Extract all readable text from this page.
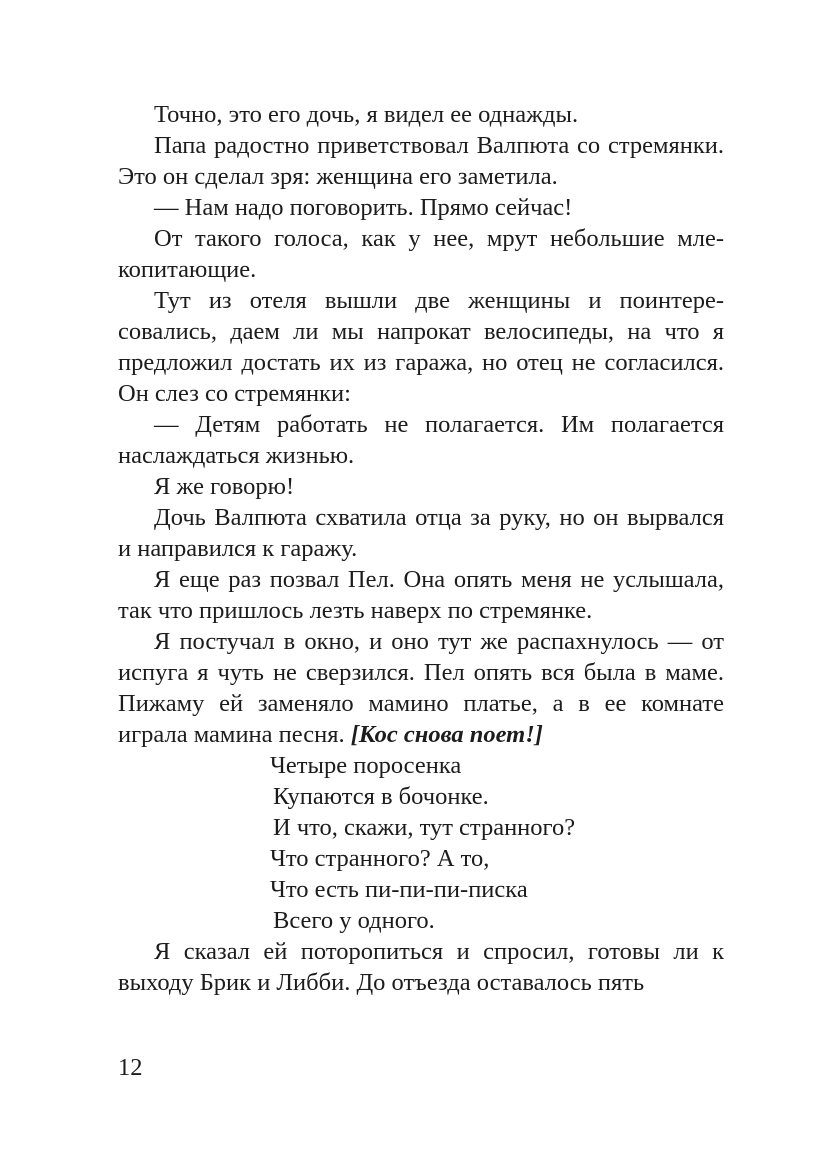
Точно, это его дочь, я видел ее однажды.

Папа радостно приветствовал Валпюта со стремянки. Это он сделал зря: женщина его заметила.

— Нам надо поговорить. Прямо сейчас!

От такого голоса, как у нее, мрут небольшие млекопитающие.

Тут из отеля вышли две женщины и поинтересовались, даем ли мы напрокат велосипеды, на что я предложил достать их из гаража, но отец не согласился. Он слез со стремянки:

— Детям работать не полагается. Им полагается наслаждаться жизнью.

Я же говорю!

Дочь Валпюта схватила отца за руку, но он вырвался и направился к гаражу.

Я еще раз позвал Пел. Она опять меня не услышала, так что пришлось лезть наверх по стремянке.

Я постучал в окно, и оно тут же распахнулось — от испуга я чуть не сверзился. Пел опять вся была в маме. Пижаму ей заменяло мамино платье, а в ее комнате играла мамина песня. [Кос снова поет!]

Четыре поросенка
Купаются в бочонке.
И что, скажи, тут странного?
Что странного? А то,
Что есть пи-пи-пи-писка
Всего у одного.

Я сказал ей поторопиться и спросил, готовы ли к выходу Брик и Либби. До отъезда оставалось пять

12
